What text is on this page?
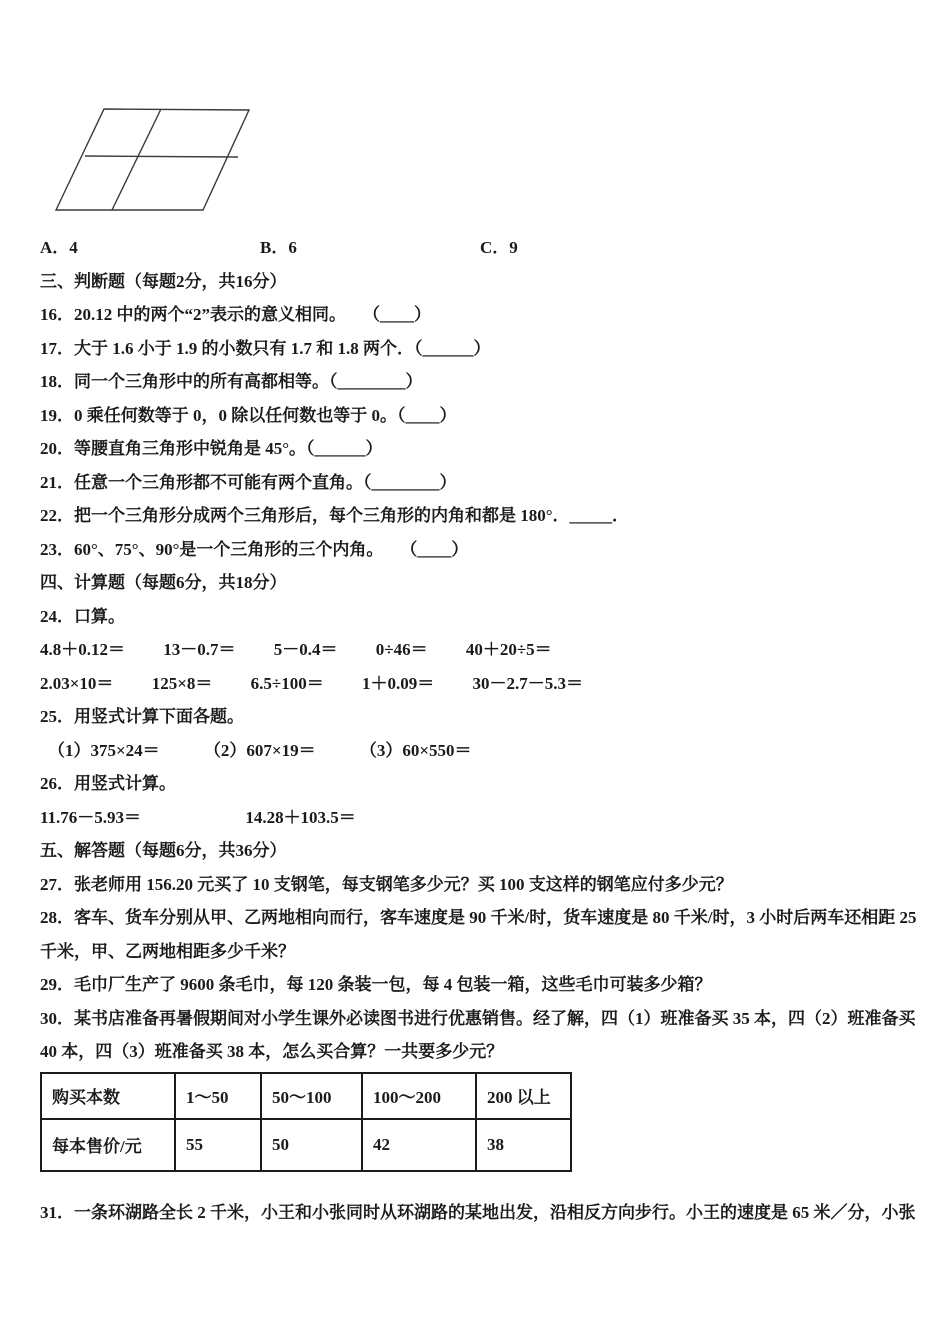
A．4	B．6	C．9
三、判断题（每题2分，共16分）
16．20.12 中的两个“2”表示的意义相同。　　（____）
17．大于 1.6 小于 1.9 的小数只有 1.7 和 1.8 两个．（______）
18．同一个三角形中的所有高都相等。（________）
19．0 乘任何数等于 0，0 除以任何数也等于 0。（____）
20．等腰直角三角形中锐角是 45°。（______）
21．任意一个三角形都不可能有两个直角。（________）
22．把一个三角形分成两个三角形后，每个三角形的内角和都是 180°．_____．
23．60°、75°、90°是一个三角形的三个内角。　　（____）
四、计算题（每题6分，共18分）
24．口算。
4.8＋0.12＝ 13－0.7＝ 5－0.4＝ 0÷46＝ 40＋20÷5＝
2.03×10＝ 125×8＝ 6.5÷100＝ 1＋0.09＝ 30－2.7－5.3＝
25．用竖式计算下面各题。
（1）375×24＝	（2）607×19＝	（3）60×550＝
26．用竖式计算。
11.76－5.93＝	14.28＋103.5＝
五、解答题（每题6分，共36分）
27．张老师用 156.20 元买了 10 支钢笔，每支钢笔多少元？买 100 支这样的钢笔应付多少元？
28．客车、货车分别从甲、乙两地相向而行，客车速度是 90 千米/时，货车速度是 80 千米/时，3 小时后两车还相距 25
千米，甲、乙两地相距多少千米？
29．毛巾厂生产了 9600 条毛巾，每 120 条装一包，每 4 包装一箱，这些毛巾可装多少箱？
30．某书店准备再暑假期间对小学生课外必读图书进行优惠销售。经了解，四（1）班准备买 35 本，四（2）班准备买
40 本，四（3）班准备买 38 本，怎么买合算？一共要多少元？
购买本数	1～50	50～100	100～200	200 以上
每本售价/元	55	50	42	38
31．一条环湖路全长 2 千米，小王和小张同时从环湖路的某地出发，沿相反方向步行。小王的速度是 65 米／分，小张
